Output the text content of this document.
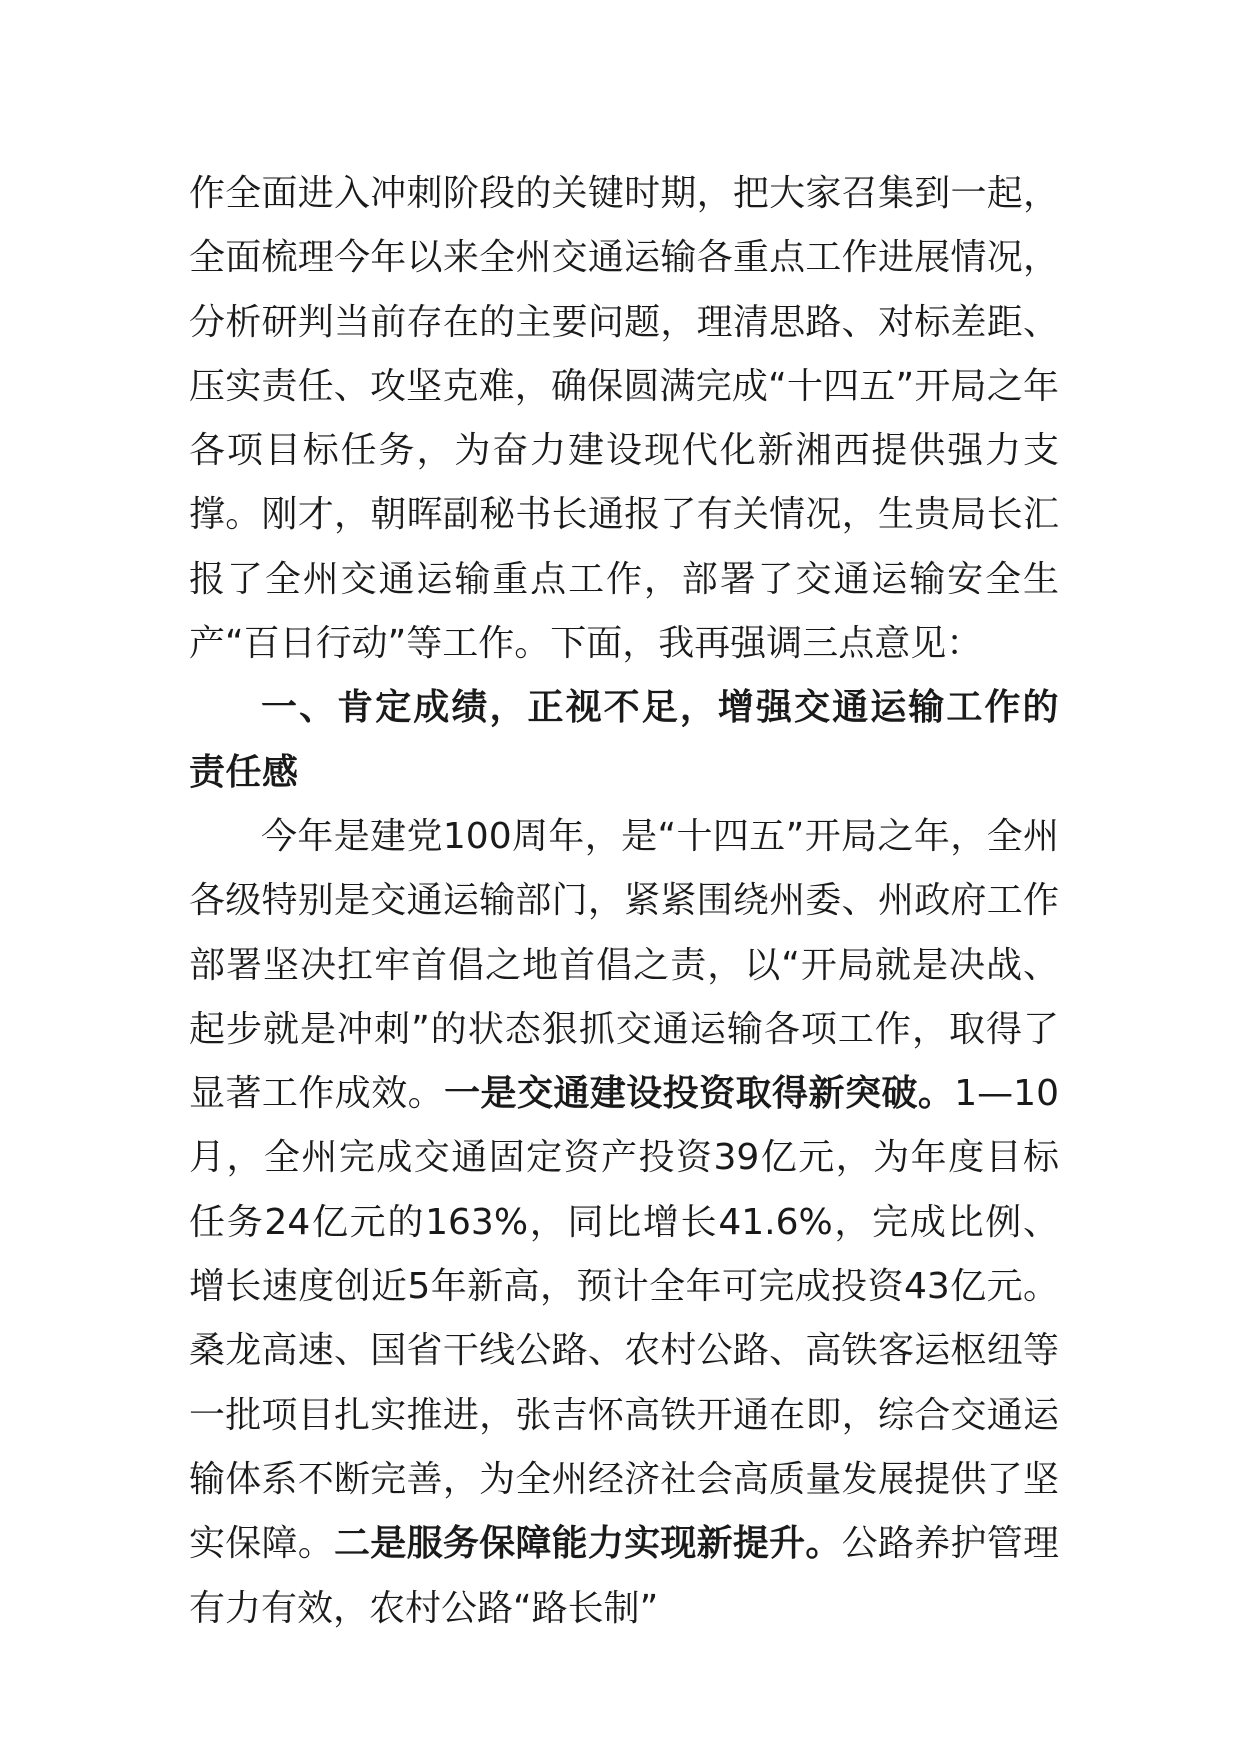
作全面进入冲刺阶段的关键时期，把大家召集到一起，全面梳理今年以来全州交通运输各重点工作进展情况，分析研判当前存在的主要问题，理清思路、对标差距、压实责任、攻坚克难，确保圆满完成“十四五”开局之年各项目标任务，为奋力建设现代化新湘西提供强力支撑。刚才，朝晖副秘书长通报了有关情况，生贵局长汇报了全州交通运输重点工作，部署了交通运输安全生产“百日行动”等工作。下面，我再强调三点意见：

一、肯定成绩，正视不足，增强交通运输工作的责任感

今年是建党100周年，是“十四五”开局之年，全州各级特别是交通运输部门，紧紧围绕州委、州政府工作部署坚决扛牢首倡之地首倡之责，以“开局就是决战、起步就是冲刺”的状态狠抓交通运输各项工作，取得了显著工作成效。一是交通建设投资取得新突破。1—10月，全州完成交通固定资产投资39亿元，为年度目标任务24亿元的163%，同比增长41.6%，完成比例、增长速度创近5年新高，预计全年可完成投资43亿元。桑龙高速、国省干线公路、农村公路、高铁客运枢纽等一批项目扎实推进，张吉怀高铁开通在即，综合交通运输体系不断完善，为全州经济社会高质量发展提供了坚实保障。二是服务保障能力实现新提升。公路养护管理有力有效，农村公路“路长制”
